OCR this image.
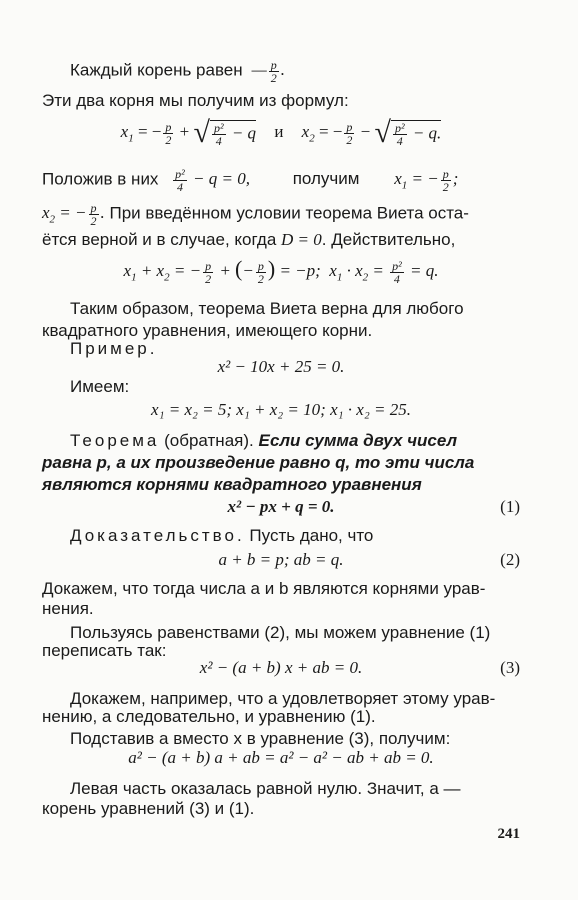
Каждый корень равен  — $\frac{p}{2}$ .
Эти два корня мы получим из формул:
$x_1$ = − $\frac{p}{2}$ + √ $\frac{\text{p²}}{4} - q$ и $x_2$ = − $\frac{p}{2}$ − √ $\frac{\text{p²}}{4} - q$.
Положив в них $\frac{\text{p²}}{4} - q = 0$,	получим $x_1$ = − $\frac{p}{2}$ ;
$x_2$ = − $\frac{p}{2}$ . При введённом условии теорема Виета оста-
ётся верной и в случае, когда D = 0. Действительно,
$x_1 + x_2$ = − $\frac{p}{2}$ + (− $\frac{p}{2}$ ) = −p;  $x_1 \cdot x_2 = \frac{\text{p²}}{4} = q$.
Таким образом, теорема Виета верна для любого
квадратного уравнения, имеющего корни.
Пример.
x² − 10x + 25 = 0.
Имеем:
x₁ = x₂ = 5; x₁ + x₂ = 10; x₁ · x₂ = 25.
Теорема (обратная). Если сумма двух чисел
равна p, а их произведение равно q, то эти числа
являются корнями квадратного уравнения
x² − px + q = 0.	(1)
Доказательство. Пусть дано, что
a + b = p; ab = q.	(2)
Докажем, что тогда числа a и b являются корнями урав-
нения.
Пользуясь равенствами (2), мы можем уравнение (1)
переписать так:
x² − (a + b) x + ab = 0.	(3)
Докажем, например, что a удовлетворяет этому урав-
нению, а следовательно, и уравнению (1).
Подставив a вместо x в уравнение (3), получим:
a² − (a + b) a + ab = a² − a² − ab + ab = 0.
Левая часть оказалась равной нулю. Значит, a —
корень уравнений (3) и (1).
241
